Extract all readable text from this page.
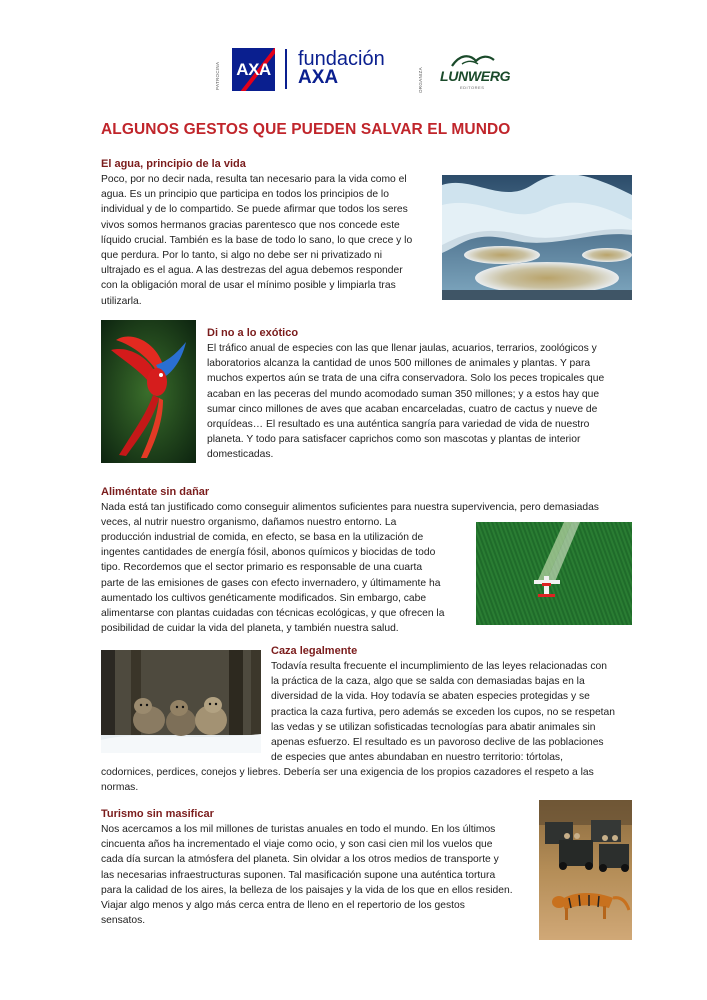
PATROCINA AXA fundación
AXA	ORGANIZA LUNWERG
EDITORES
ALGUNOS GESTOS QUE PUEDEN SALVAR EL MUNDO
El agua, principio de la vida
Poco, por no decir nada, resulta tan necesario para la vida como el
agua. Es un principio que participa en todos los principios de lo
individual y de lo compartido. Se puede afirmar que todos los seres
vivos somos hermanos gracias parentesco que nos concede este
líquido crucial. También es la base de todo lo sano, lo que crece y lo
que perdura. Por lo tanto, si algo no debe ser ni privatizado ni
ultrajado es el agua. A las destrezas del agua debemos responder
con la obligación moral de usar el mínimo posible y limpiarla tras
utilizarla.
Di no a lo exótico
El tráfico anual de especies con las que llenar jaulas, acuarios, terrarios, zoológicos y
laboratorios alcanza la cantidad de unos 500 millones de animales y plantas. Y para
muchos expertos aún se trata de una cifra conservadora. Solo los peces tropicales que
acaban en las peceras del mundo acomodado suman 350 millones; y a estos hay que
sumar cinco millones de aves que acaban encarceladas, cuatro de cactus y nueve de
orquídeas… El resultado es una auténtica sangría para variedad de vida de nuestro
planeta. Y todo para satisfacer caprichos como son mascotas y plantas de interior
domesticadas.
Aliméntate sin dañar
Nada está tan justificado como conseguir alimentos suficientes para nuestra supervivencia, pero demasiadas
veces, al nutrir nuestro organismo, dañamos nuestro entorno. La
producción industrial de comida, en efecto, se basa en la utilización de
ingentes cantidades de energía fósil, abonos químicos y biocidas de todo
tipo. Recordemos que el sector primario es responsable de una cuarta
parte de las emisiones de gases con efecto invernadero, y últimamente ha
aumentado los cultivos genéticamente modificados. Sin embargo, cabe
alimentarse con plantas cuidadas con técnicas ecológicas, y que ofrecen la
posibilidad de cuidar la vida del planeta, y también nuestra salud.
Caza legalmente
Todavía resulta frecuente el incumplimiento de las leyes relacionadas con
la práctica de la caza, algo que se salda con demasiadas bajas en la
diversidad de la vida. Hoy todavía se abaten especies protegidas y se
practica la caza furtiva, pero además se exceden los cupos, no se respetan
las vedas y se utilizan sofisticadas tecnologías para abatir animales sin
apenas esfuerzo. El resultado es un pavoroso declive de las poblaciones
de especies que antes abundaban en nuestro territorio: tórtolas,
codornices, perdices, conejos y liebres. Debería ser una exigencia de los propios cazadores el respeto a las
normas.
Turismo sin masificar
Nos acercamos a los mil millones de turistas anuales en todo el mundo. En los últimos
cincuenta años ha incrementado el viaje como ocio, y son casi cien mil los vuelos que
cada día surcan la atmósfera del planeta. Sin olvidar a los otros medios de transporte y
las necesarias infraestructuras suponen. Tal masificación supone una auténtica tortura
para la calidad de los aires, la belleza de los paisajes y la vida de los que en ellos residen.
Viajar algo menos y algo más cerca entra de lleno en el repertorio de los gestos
sensatos.
